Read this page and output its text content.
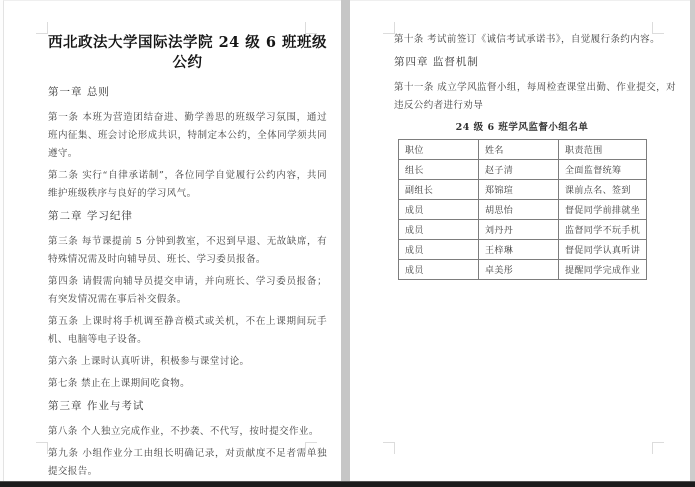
西北政法大学国际法学院 24 级 6 班班级公约
第一章 总则

第一条 本班为营造团结奋进、勤学善思的班级学习氛围，通过班内征集、班会讨论形成共识，特制定本公约，全体同学须共同遵守。

第二条 实行“自律承诺制”，各位同学自觉履行公约内容，共同维护班级秩序与良好的学习风气。

第二章 学习纪律

第三条 每节课提前 5 分钟到教室，不迟到早退、无故缺席，有特殊情况需及时向辅导员、班长、学习委员报备。

第四条 请假需向辅导员提交申请，并向班长、学习委员报备；有突发情况需在事后补交假条。

第五条 上课时将手机调至静音模式或关机，不在上课期间玩手机、电脑等电子设备。

第六条 上课时认真听讲，积极参与课堂讨论。

第七条 禁止在上课期间吃食物。

第三章 作业与考试

第八条 个人独立完成作业，不抄袭、不代写，按时提交作业。

第九条 小组作业分工由组长明确记录，对贡献度不足者需单独提交报告。

第十条 考试前签订《诚信考试承诺书》，自觉履行条约内容。

第四章 监督机制

第十一条 成立学风监督小组，每周检查课堂出勤、作业提交，对违反公约者进行劝导

24 级 6 班学风监督小组名单
职位	姓名	职责范围
组长	赵子清	全面监督统筹
副组长	郑锦瑄	课前点名、签到
成员	胡思怡	督促同学前排就坐
成员	刘丹丹	监督同学不玩手机
成员	王梓琳	督促同学认真听讲
成员	卓美彤	提醒同学完成作业
